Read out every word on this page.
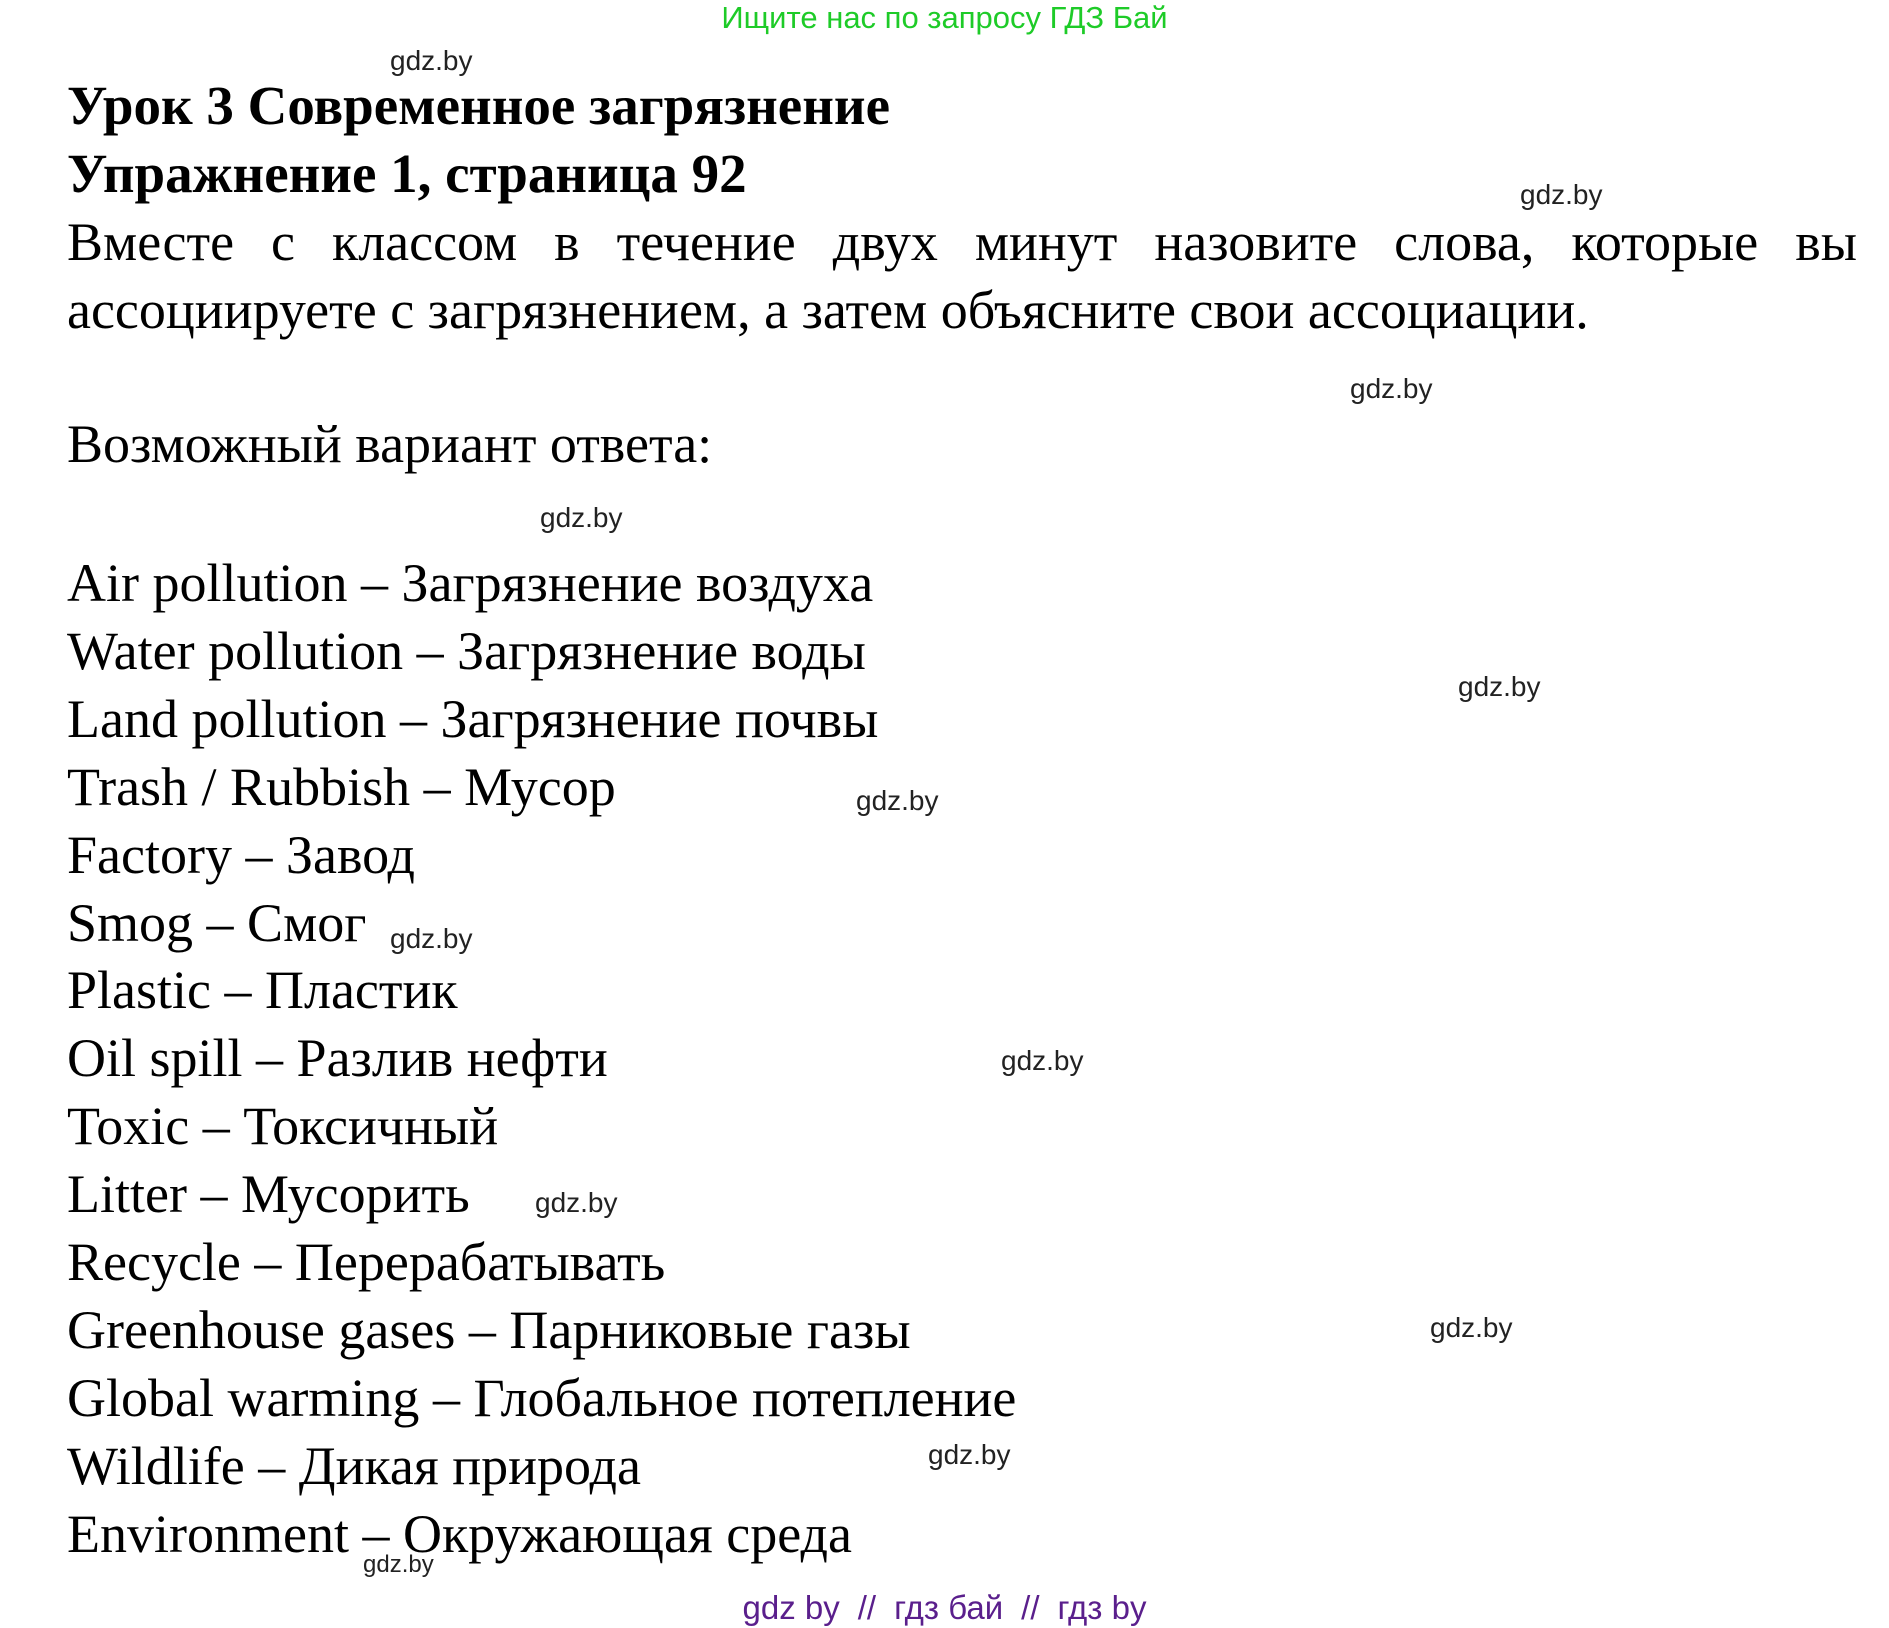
Ищите нас по запросу ГДЗ Бай
gdz.by
Урок 3 Современное загрязнение
Упражнение 1, страница 92	gdz.by
Вместе с классом в течение двух минут назовите слова, которые вы
ассоциируете с загрязнением, а затем объясните свои ассоциации.
gdz.by
Возможный вариант ответа:
gdz.by
Air pollution – Загрязнение воздуха
Water pollution – Загрязнение воды
Land pollution – Загрязнение почвы
Trash / Rubbish – Мусор
Factory – Завод
Smog – Смог
Plastic – Пластик
Oil spill – Разлив нефти
Toxic – Токсичный
Litter – Мусорить
Recycle – Перерабатывать
Greenhouse gases – Парниковые газы
Global warming – Глобальное потепление
Wildlife – Дикая природа
Environment – Окружающая среда
gdz.by
gdz.by
gdz.by
gdz.by
gdz.by
gdz.by
gdz.by
gdz.by
gdz by // гдз бай // гдз by
